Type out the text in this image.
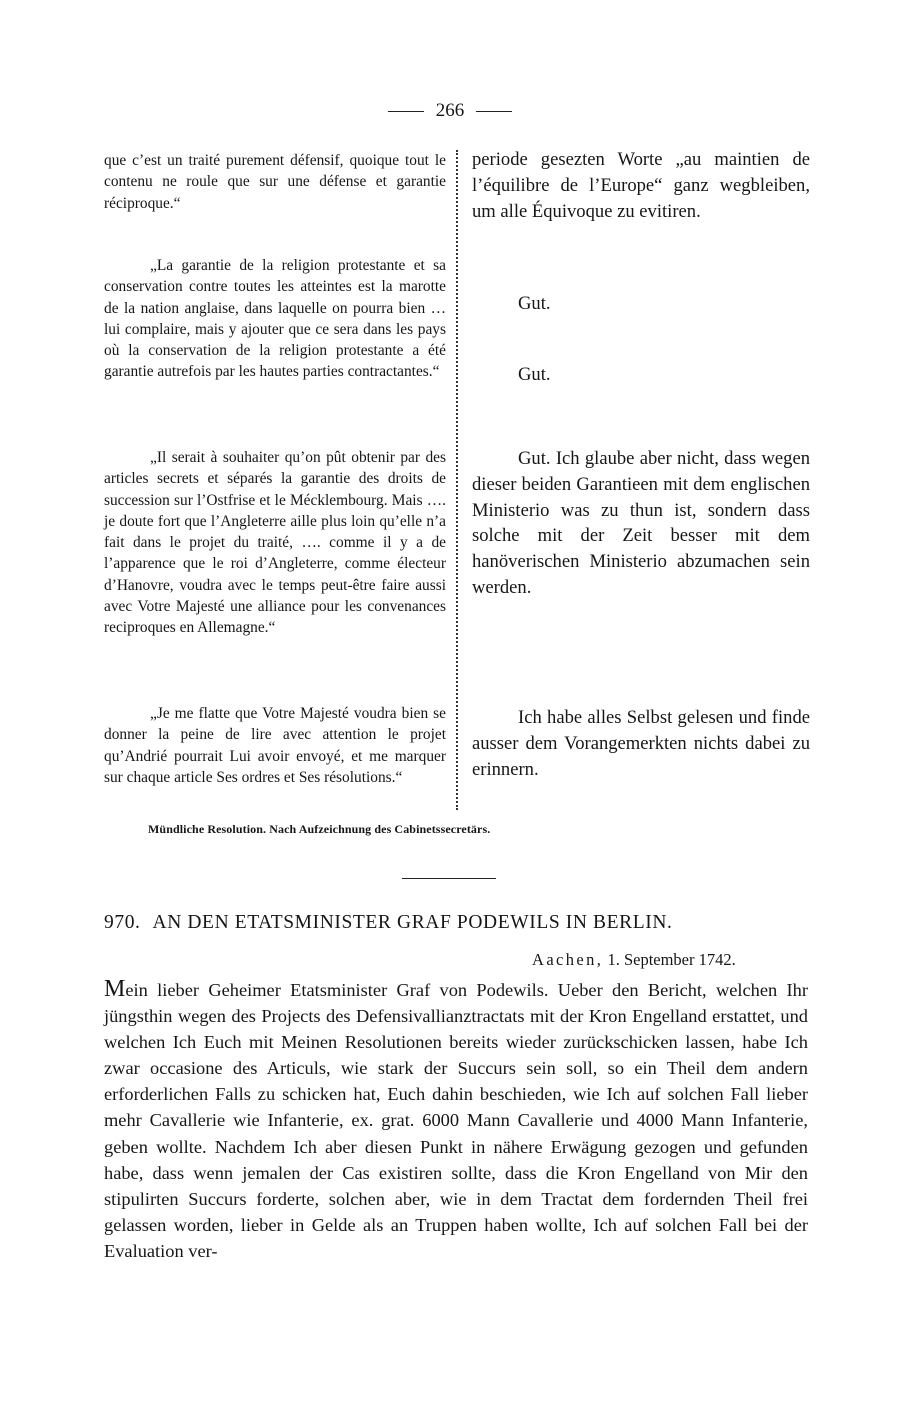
266

que c’est un traité purement défensif, quoique tout le contenu ne roule que sur une défense et garantie réciproque.“

„La garantie de la religion protestante et sa conservation contre toutes les atteintes est la marotte de la nation anglaise, dans laquelle on pourra bien … lui complaire, mais y ajouter que ce sera dans les pays où la conservation de la religion protestante a été garantie autrefois par les hautes parties contractantes.“

„Il serait à souhaiter qu’on pût obtenir par des articles secrets et séparés la garantie des droits de succession sur l’Ostfrise et le Mécklembourg. Mais …. je doute fort que l’Angleterre aille plus loin qu’elle n’a fait dans le projet du traité, …. comme il y a de l’apparence que le roi d’Angleterre, comme électeur d’Hanovre, voudra avec le temps peut-être faire aussi avec Votre Majesté une alliance pour les convenances reciproques en Allemagne.“

„Je me flatte que Votre Majesté voudra bien se donner la peine de lire avec attention le projet qu’Andrié pourrait Lui avoir envoyé, et me marquer sur chaque article Ses ordres et Ses résolutions.“

periode gesezten Worte „au maintien de l’équilibre de l’Europe“ ganz wegbleiben, um alle Équivoque zu evitiren.

Gut.

Gut.

Gut. Ich glaube aber nicht, dass wegen dieser beiden Garantieen mit dem englischen Ministerio was zu thun ist, sondern dass solche mit der Zeit besser mit dem hanöverischen Ministerio abzumachen sein werden.

Ich habe alles Selbst gelesen und finde ausser dem Vorangemerkten nichts dabei zu erinnern.

Mündliche Resolution. Nach Aufzeichnung des Cabinetssecretärs.
970. AN DEN ETATSMINISTER GRAF PODEWILS IN BERLIN.
Aachen, 1. September 1742.

Mein lieber Geheimer Etatsminister Graf von Podewils. Ueber den Bericht, welchen Ihr jüngsthin wegen des Projects des Defensivallianztractats mit der Kron Engelland erstattet, und welchen Ich Euch mit Meinen Resolutionen bereits wieder zurückschicken lassen, habe Ich zwar occasione des Articuls, wie stark der Succurs sein soll, so ein Theil dem andern erforderlichen Falls zu schicken hat, Euch dahin beschieden, wie Ich auf solchen Fall lieber mehr Cavallerie wie Infanterie, ex. grat. 6000 Mann Cavallerie und 4000 Mann Infanterie, geben wollte. Nachdem Ich aber diesen Punkt in nähere Erwägung gezogen und gefunden habe, dass wenn jemalen der Cas existiren sollte, dass die Kron Engelland von Mir den stipulirten Succurs forderte, solchen aber, wie in dem Tractat dem fordernden Theil frei gelassen worden, lieber in Gelde als an Truppen haben wollte, Ich auf solchen Fall bei der Evaluation ver-
